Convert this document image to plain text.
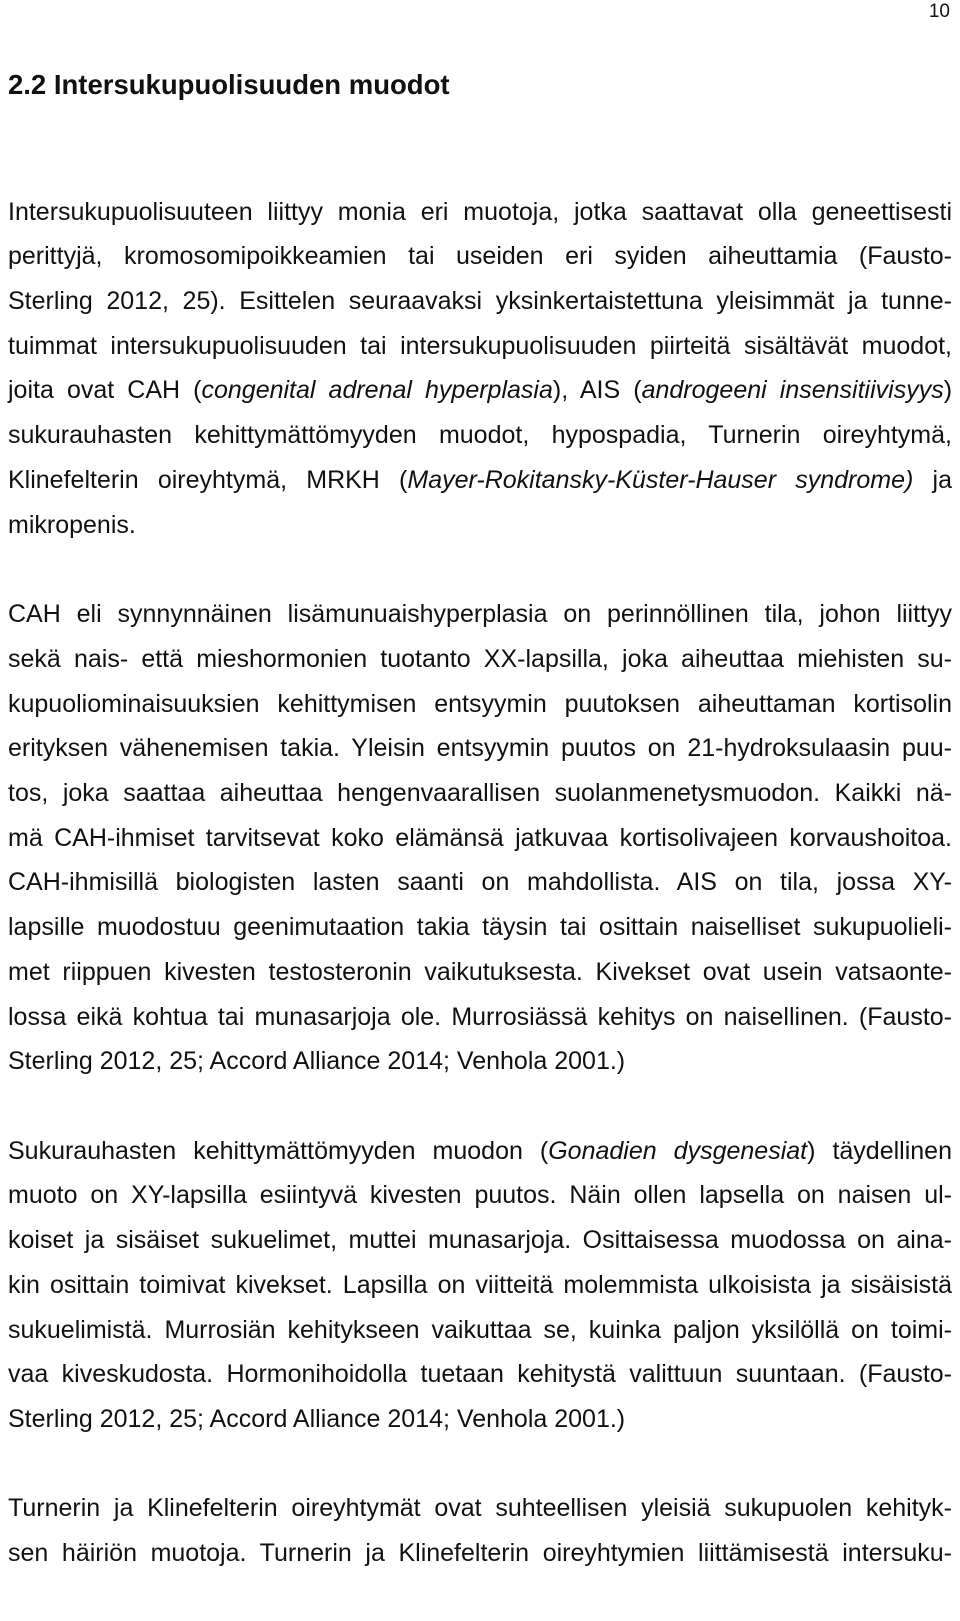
10
2.2 Intersukupuolisuuden muodot
Intersukupuolisuuteen liittyy monia eri muotoja, jotka saattavat olla geneettisesti
perittyjä, kromosomipoikkeamien tai useiden eri syiden aiheuttamia (Fausto-
Sterling 2012, 25). Esittelen seuraavaksi yksinkertaistettuna yleisimmät ja tunne-
tuimmat intersukupuolisuuden tai intersukupuolisuuden piirteitä sisältävät muodot,
joita ovat CAH (congenital adrenal hyperplasia), AIS (androgeeni insensitiivisyys)
sukurauhasten kehittymättömyyden muodot, hypospadia, Turnerin oireyhtymä,
Klinefelterin oireyhtymä, MRKH (Mayer-Rokitansky-Küster-Hauser syndrome) ja
mikropenis.
CAH eli synnynnäinen lisämunuaishyperplasia on perinnöllinen tila, johon liittyy
sekä nais- että mieshormonien tuotanto XX-lapsilla, joka aiheuttaa miehisten su-
kupuoliominaisuuksien kehittymisen entsyymin puutoksen aiheuttaman kortisolin
erityksen vähenemisen takia. Yleisin entsyymin puutos on 21-hydroksulaasin puu-
tos, joka saattaa aiheuttaa hengenvaarallisen suolanmenetysmuodon. Kaikki nä-
mä CAH-ihmiset tarvitsevat koko elämänsä jatkuvaa kortisolivajeen korvaushoitoa.
CAH-ihmisillä biologisten lasten saanti on mahdollista. AIS on tila, jossa XY-
lapsille muodostuu geenimutaation takia täysin tai osittain naiselliset sukupuolieli-
met riippuen kivesten testosteronin vaikutuksesta. Kivekset ovat usein vatsaonte-
lossa eikä kohtua tai munasarjoja ole. Murrosiässä kehitys on naisellinen. (Fausto-
Sterling 2012, 25; Accord Alliance 2014; Venhola 2001.)
Sukurauhasten kehittymättömyyden muodon (Gonadien dysgenesiat) täydellinen
muoto on XY-lapsilla esiintyvä kivesten puutos. Näin ollen lapsella on naisen ul-
koiset ja sisäiset sukuelimet, muttei munasarjoja. Osittaisessa muodossa on aina-
kin osittain toimivat kivekset. Lapsilla on viitteitä molemmista ulkoisista ja sisäisistä
sukuelimistä. Murrosiän kehitykseen vaikuttaa se, kuinka paljon yksilöllä on toimi-
vaa kiveskudosta. Hormonihoidolla tuetaan kehitystä valittuun suuntaan. (Fausto-
Sterling 2012, 25; Accord Alliance 2014; Venhola 2001.)
Turnerin ja Klinefelterin oireyhtymät ovat suhteellisen yleisiä sukupuolen kehityk-
sen häiriön muotoja. Turnerin ja Klinefelterin oireyhtymien liittämisestä intersuku-
